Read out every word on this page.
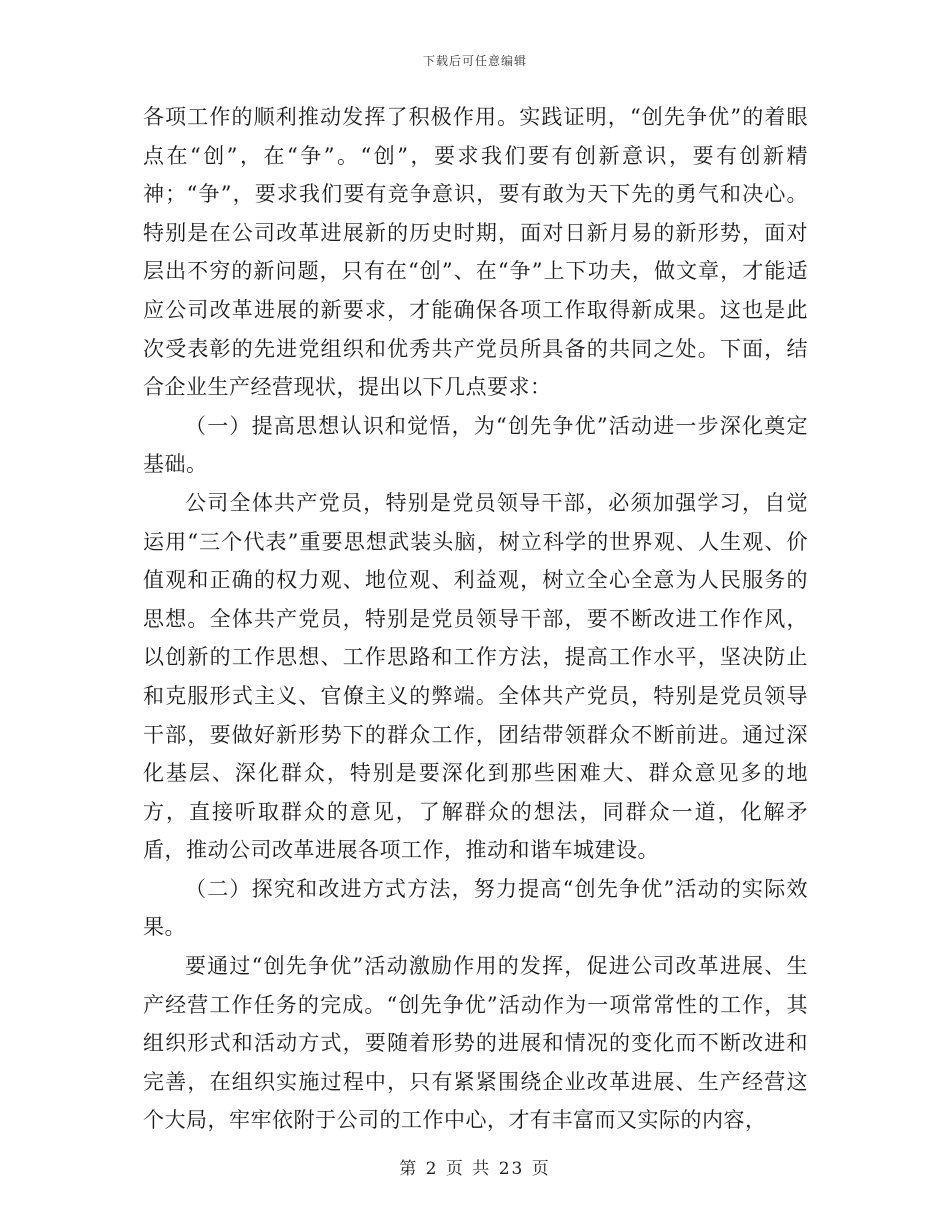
下载后可任意编辑

各项工作的顺利推动发挥了积极作用。实践证明，“创先争优”的着眼点在“创”，在“争”。“创”，要求我们要有创新意识，要有创新精神；“争”，要求我们要有竞争意识，要有敢为天下先的勇气和决心。特别是在公司改革进展新的历史时期，面对日新月易的新形势，面对层出不穷的新问题，只有在“创”、在“争”上下功夫，做文章，才能适应公司改革进展的新要求，才能确保各项工作取得新成果。这也是此次受表彰的先进党组织和优秀共产党员所具备的共同之处。下面，结合企业生产经营现状，提出以下几点要求：

（一）提高思想认识和觉悟，为“创先争优”活动进一步深化奠定基础。

公司全体共产党员，特别是党员领导干部，必须加强学习，自觉运用“三个代表”重要思想武装头脑，树立科学的世界观、人生观、价值观和正确的权力观、地位观、利益观，树立全心全意为人民服务的思想。全体共产党员，特别是党员领导干部，要不断改进工作作风，以创新的工作思想、工作思路和工作方法，提高工作水平，坚决防止和克服形式主义、官僚主义的弊端。全体共产党员，特别是党员领导干部，要做好新形势下的群众工作，团结带领群众不断前进。通过深化基层、深化群众，特别是要深化到那些困难大、群众意见多的地方，直接听取群众的意见，了解群众的想法，同群众一道，化解矛盾，推动公司改革进展各项工作，推动和谐车城建设。

（二）探究和改进方式方法，努力提高“创先争优”活动的实际效果。

要通过“创先争优”活动激励作用的发挥，促进公司改革进展、生产经营工作任务的完成。“创先争优”活动作为一项常常性的工作，其组织形式和活动方式，要随着形势的进展和情况的变化而不断改进和完善，在组织实施过程中，只有紧紧围绕企业改革进展、生产经营这个大局，牢牢依附于公司的工作中心，才有丰富而又实际的内容，

第 2 页 共 23 页
